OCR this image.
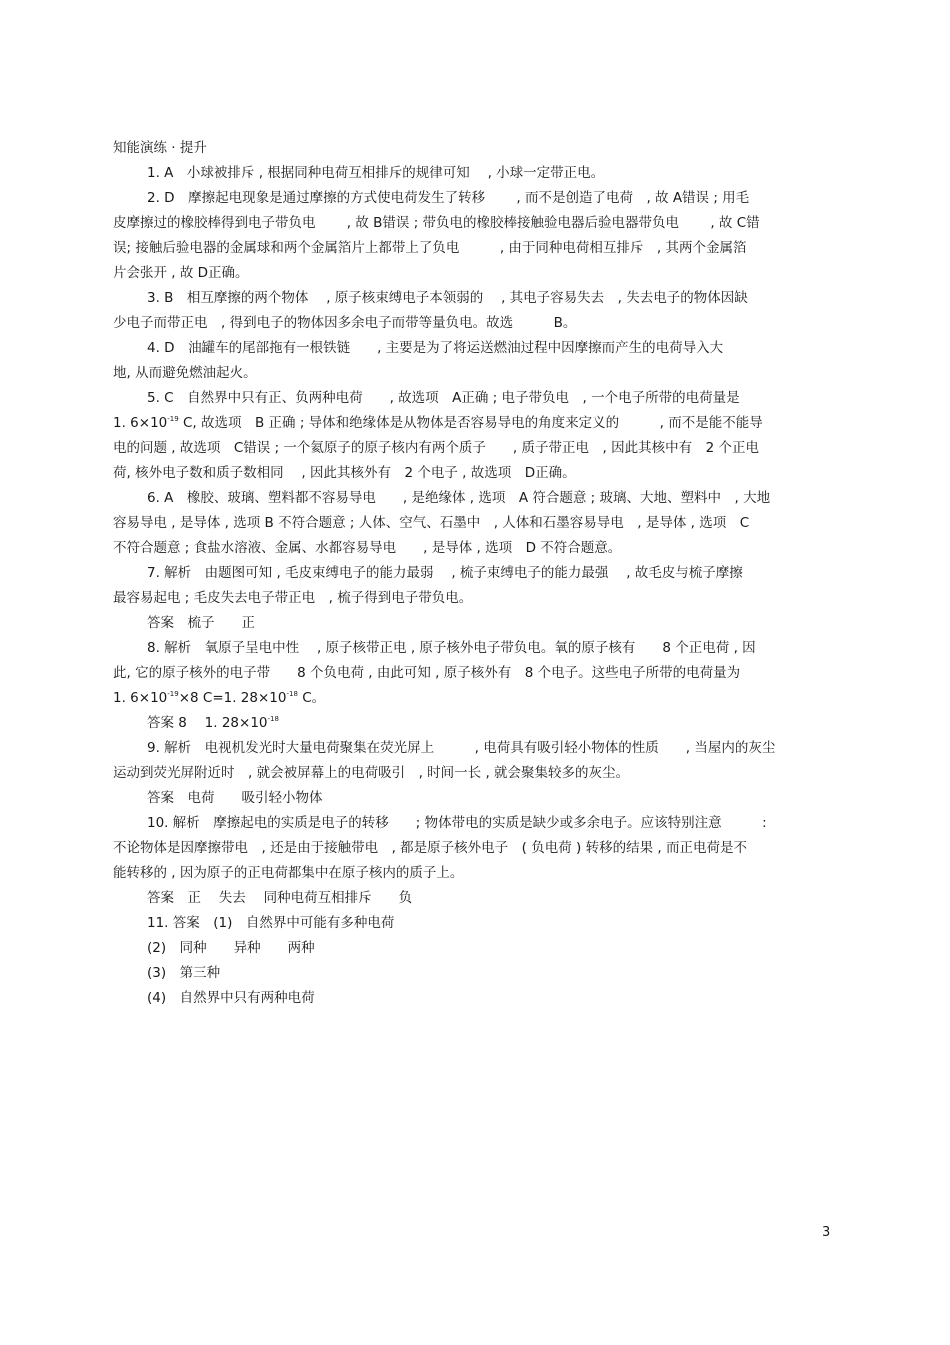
知能演练 · 提升
1. A　小球被排斥 , 根据同种电荷互相排斥的规律可知　 , 小球一定带正电。
2. D　摩擦起电现象是通过摩擦的方式使电荷发生了转移　　 , 而不是创造了电荷　, 故 A错误 ; 用毛
皮摩擦过的橡胶棒得到电子带负电　　 , 故 B错误 ; 带负电的橡胶棒接触验电器后验电器带负电　　 , 故 C错
误; 接触后验电器的金属球和两个金属箔片上都带上了负电　　　, 由于同种电荷相互排斥　, 其两个金属箔
片会张开 , 故 D正确。
3. B　相互摩擦的两个物体　 , 原子核束缚电子本领弱的　 , 其电子容易失去　, 失去电子的物体因缺
少电子而带正电　, 得到电子的物体因多余电子而带等量负电。故选　　　B。
4. D　油罐车的尾部拖有一根铁链　　, 主要是为了将运送燃油过程中因摩擦而产生的电荷导入大
地, 从而避免燃油起火。
5. C　自然界中只有正、负两种电荷　　, 故选项　A正确 ; 电子带负电　, 一个电子所带的电荷量是
1. $6\times 10^{-19}$ C, 故选项　B 正确 ; 导体和绝缘体是从物体是否容易导电的角度来定义的　　　, 而不是能不能导
电的问题 , 故选项　C错误 ; 一个氦原子的原子核内有两个质子　　, 质子带正电　, 因此其核中有　2 个正电
荷, 核外电子数和质子数相同　 , 因此其核外有　2 个电子 , 故选项　D正确。
6. A　橡胶、玻璃、塑料都不容易导电　　, 是绝缘体 , 选项　A 符合题意 ; 玻璃、大地、塑料中　, 大地
容易导电 , 是导体 , 选项 B 不符合题意 ; 人体、空气、石墨中　, 人体和石墨容易导电　, 是导体 , 选项　C
不符合题意 ; 食盐水溶液、金属、水都容易导电　　, 是导体 , 选项　D 不符合题意。
7. 解析　由题图可知 , 毛皮束缚电子的能力最弱　 , 梳子束缚电子的能力最强　 , 故毛皮与梳子摩擦
最容易起电 ; 毛皮失去电子带正电　, 梳子得到电子带负电。
答案　梳子　　正
8. 解析　氧原子呈电中性　 , 原子核带正电 , 原子核外电子带负电。氧的原子核有　　8 个正电荷 , 因
此, 它的原子核外的电子带　　8 个负电荷 , 由此可知 , 原子核外有　8 个电子。这些电子所带的电荷量为
1. $6\times 10^{-19}\times 8$ C=1. $28\times 10^{-18}$ C。
答案 8　 1. $28\times 10^{-18}$
9. 解析　电视机发光时大量电荷聚集在荧光屏上　　　, 电荷具有吸引轻小物体的性质　　, 当屋内的灰尘
运动到荧光屏附近时　, 就会被屏幕上的电荷吸引　, 时间一长 , 就会聚集较多的灰尘。
答案　电荷　　吸引轻小物体
10. 解析　摩擦起电的实质是电子的转移　　; 物体带电的实质是缺少或多余电子。应该特别注意　　　:
不论物体是因摩擦带电　, 还是由于接触带电　, 都是原子核外电子　( 负电荷 ) 转移的结果 , 而正电荷是不
能转移的 , 因为原子的正电荷都集中在原子核内的质子上。
答案　正　 失去　 同种电荷互相排斥　　负
11. 答案　(1)　自然界中可能有多种电荷
(2)　同种　　异种　　两种
(3)　第三种
(4)　自然界中只有两种电荷
3
